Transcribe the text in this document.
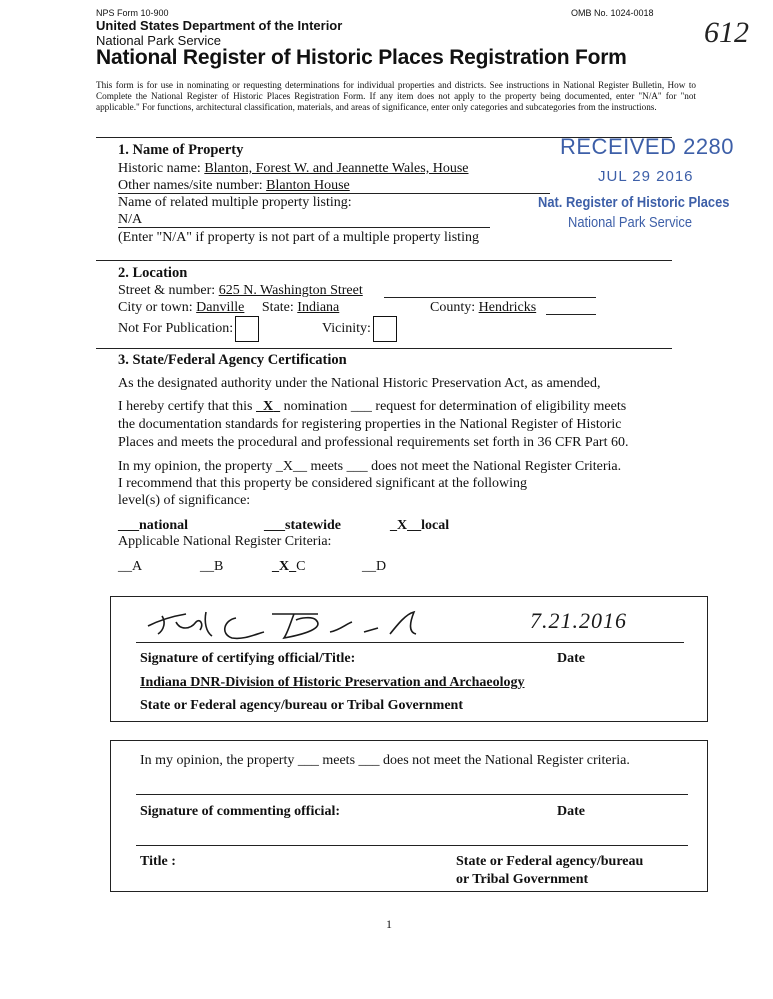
NPS Form 10-900	OMB No. 1024-0018
United States Department of the Interior
National Park Service
National Register of Historic Places Registration Form
612
This form is for use in nominating or requesting determinations for individual properties and districts. See instructions in National Register Bulletin, How to Complete the National Register of Historic Places Registration Form. If any item does not apply to the property being documented, enter "N/A" for "not applicable." For functions, architectural classification, materials, and areas of significance, enter only categories and subcategories from the instructions.
RECEIVED 2280
JUL 29 2016
Nat. Register of Historic Places
National Park Service
1. Name of Property
Historic name: Blanton, Forest W. and Jeannette Wales, House
Other names/site number: Blanton House
Name of related multiple property listing:
N/A
(Enter "N/A" if property is not part of a multiple property listing
2. Location
Street & number: 625 N. Washington Street
City or town: Danville State: Indiana	County: Hendricks
Not For Publication:	Vicinity:
3. State/Federal Agency Certification
As the designated authority under the National Historic Preservation Act, as amended,
I hereby certify that this X nomination ___ request for determination of eligibility meets
the documentation standards for registering properties in the National Register of Historic
Places and meets the procedural and professional requirements set forth in 36 CFR Part 60.
In my opinion, the property _X__ meets ___ does not meet the National Register Criteria.
I recommend that this property be considered significant at the following
level(s) of significance:
___national	___statewide	_X__local
Applicable National Register Criteria:
__A	__B	_X_C	__D
7.21.2016
Signature of certifying official/Title:	Date
Indiana DNR-Division of Historic Preservation and Archaeology
State or Federal agency/bureau or Tribal Government
In my opinion, the property ___ meets ___ does not meet the National Register criteria.
Signature of commenting official:	Date
Title :	State or Federal agency/bureau
or Tribal Government
1
